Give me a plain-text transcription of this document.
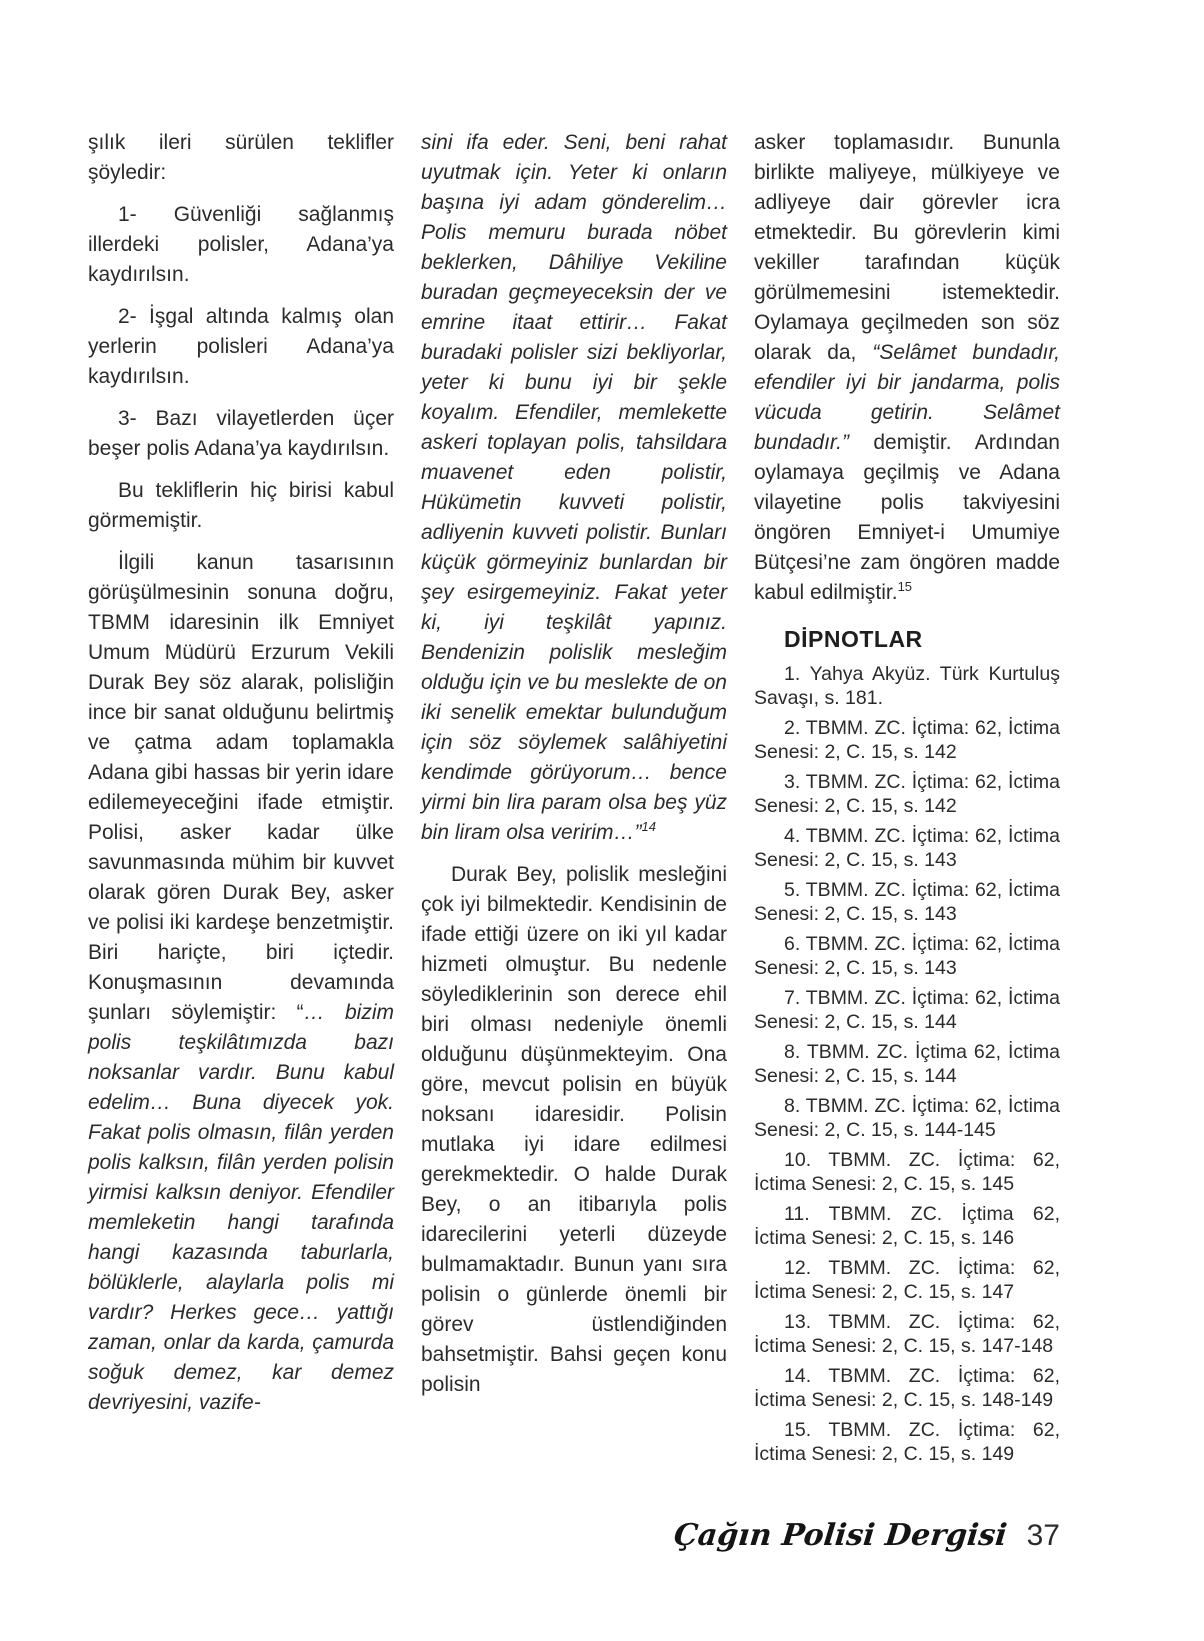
şılık ileri sürülen teklifler şöyledir:

1- Güvenliği sağlanmış illerdeki polisler, Adana’ya kaydırılsın.

2- İşgal altında kalmış olan yerlerin polisleri Adana’ya kaydırılsın.

3- Bazı vilayetlerden üçer beşer polis Adana’ya kaydırılsın.

Bu tekliflerin hiç birisi kabul görmemiştir.

İlgili kanun tasarısının görüşülmesinin sonuna doğru, TBMM idaresinin ilk Emniyet Umum Müdürü Erzurum Vekili Durak Bey söz alarak, polisliğin ince bir sanat olduğunu belirtmiş ve çatma adam toplamakla Adana gibi hassas bir yerin idare edilemeyeceğini ifade etmiştir. Polisi, asker kadar ülke savunmasında mühim bir kuvvet olarak gören Durak Bey, asker ve polisi iki kardeşe benzetmiştir. Biri hariçte, biri içtedir. Konuşmasının devamında şunları söylemiştir: “… bizim polis teşkilâtımızda bazı noksanlar vardır. Bunu kabul edelim… Buna diyecek yok. Fakat polis olmasın, filân yerden polis kalksın, filân yerden polisin yirmisi kalksın deniyor. Efendiler memleketin hangi tarafında hangi kazasında taburlarla, bölüklerle, alaylarla polis mi vardır? Herkes gece… yattığı zaman, onlar da karda, çamurda soğuk demez, kar demez devriyesini, vazife-

sini ifa eder. Seni, beni rahat uyutmak için. Yeter ki onların başına iyi adam gönderelim… Polis memuru burada nöbet beklerken, Dâhiliye Vekiline buradan geçmeyeceksin der ve emrine itaat ettirir… Fakat buradaki polisler sizi bekliyorlar, yeter ki bunu iyi bir şekle koyalım. Efendiler, memlekette askeri toplayan polis, tahsildara muavenet eden polistir, Hükümetin kuvveti polistir, adliyenin kuvveti polistir. Bunları küçük görmeyiniz bunlardan bir şey esirgemeyiniz. Fakat yeter ki, iyi teşkilât yapınız. Bendenizin polislik mesleğim olduğu için ve bu meslekte de on iki senelik emektar bulunduğum için söz söylemek salâhiyetini kendimde görüyorum… bence yirmi bin lira param olsa beş yüz bin liram olsa veririm…”$^{14}$

Durak Bey, polislik mesleğini çok iyi bilmektedir. Kendisinin de ifade ettiği üzere on iki yıl kadar hizmeti olmuştur. Bu nedenle söylediklerinin son derece ehil biri olması nedeniyle önemli olduğunu düşünmekteyim. Ona göre, mevcut polisin en büyük noksanı idaresidir. Polisin mutlaka iyi idare edilmesi gerekmektedir. O halde Durak Bey, o an itibarıyla polis idarecilerini yeterli düzeyde bulmamaktadır. Bunun yanı sıra polisin o günlerde önemli bir görev üstlendiğinden bahsetmiştir. Bahsi geçen konu polisin

asker toplamasıdır. Bununla birlikte maliyeye, mülkiyeye ve adliyeye dair görevler icra etmektedir. Bu görevlerin kimi vekiller tarafından küçük görülmemesini istemektedir. Oylamaya geçilmeden son söz olarak da, “Selâmet bundadır, efendiler iyi bir jandarma, polis vücuda getirin. Selâmet bundadır.” demiştir. Ardından oylamaya geçilmiş ve Adana vilayetine polis takviyesini öngören Emniyet-i Umumiye Bütçesi’ne zam öngören madde kabul edilmiştir.$^{15}$

DİPNOTLAR

1. Yahya Akyüz. Türk Kurtuluş Savaşı, s. 181.

2. TBMM. ZC. İçtima: 62, İctima Senesi: 2, C. 15, s. 142

3. TBMM. ZC. İçtima: 62, İctima Senesi: 2, C. 15, s. 142

4. TBMM. ZC. İçtima: 62, İctima Senesi: 2, C. 15, s. 143

5. TBMM. ZC. İçtima: 62, İctima Senesi: 2, C. 15, s. 143

6. TBMM. ZC. İçtima: 62, İctima Senesi: 2, C. 15, s. 143

7. TBMM. ZC. İçtima: 62, İctima Senesi: 2, C. 15, s. 144

8. TBMM. ZC. İçtima 62, İctima Senesi: 2, C. 15, s. 144

8. TBMM. ZC. İçtima: 62, İctima Senesi: 2, C. 15, s. 144-145

10. TBMM. ZC. İçtima: 62, İctima Senesi: 2, C. 15, s. 145

11. TBMM. ZC. İçtima 62, İctima Senesi: 2, C. 15, s. 146

12. TBMM. ZC. İçtima: 62, İctima Senesi: 2, C. 15, s. 147

13. TBMM. ZC. İçtima: 62, İctima Senesi: 2, C. 15, s. 147-148

14. TBMM. ZC. İçtima: 62, İctima Senesi: 2, C. 15, s. 148-149

15. TBMM. ZC. İçtima: 62, İctima Senesi: 2, C. 15, s. 149

Çağın Polisi Dergisi 37
